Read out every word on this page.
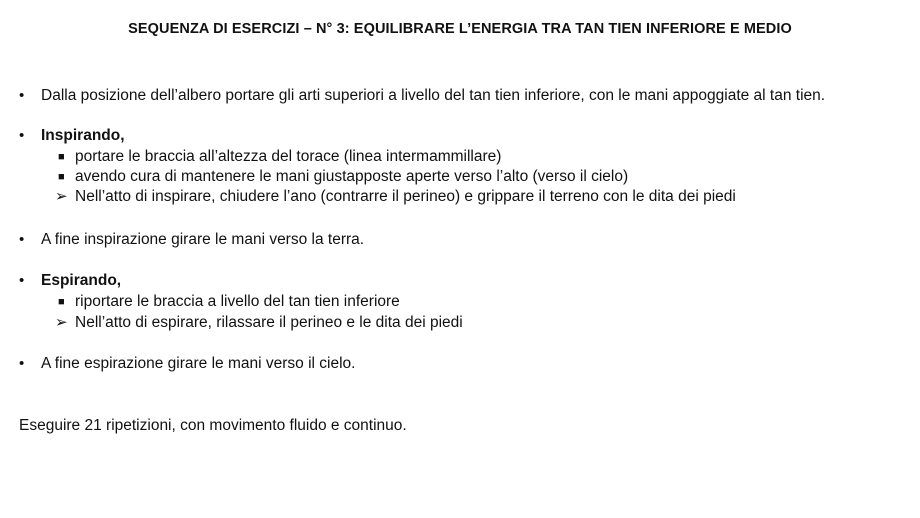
SEQUENZA DI ESERCIZI – N° 3: EQUILIBRARE L’ENERGIA TRA TAN TIEN INFERIORE E MEDIO
• Dalla posizione dell’albero portare gli arti superiori a livello del tan tien inferiore, con le mani appoggiate al tan tien.
• Inspirando,
■ portare le braccia all’altezza del torace (linea intermammillare)
■ avendo cura di mantenere le mani giustapposte aperte verso l’alto (verso il cielo)
➢ Nell’atto di inspirare, chiudere l’ano (contrarre il perineo) e grippare il terreno con le dita dei piedi
• A fine inspirazione girare le mani verso la terra.
• Espirando,
■ riportare le braccia a livello del tan tien inferiore
➢ Nell’atto di espirare, rilassare il perineo e le dita dei piedi
• A fine espirazione girare le mani verso il cielo.
Eseguire 21 ripetizioni, con movimento fluido e continuo.
